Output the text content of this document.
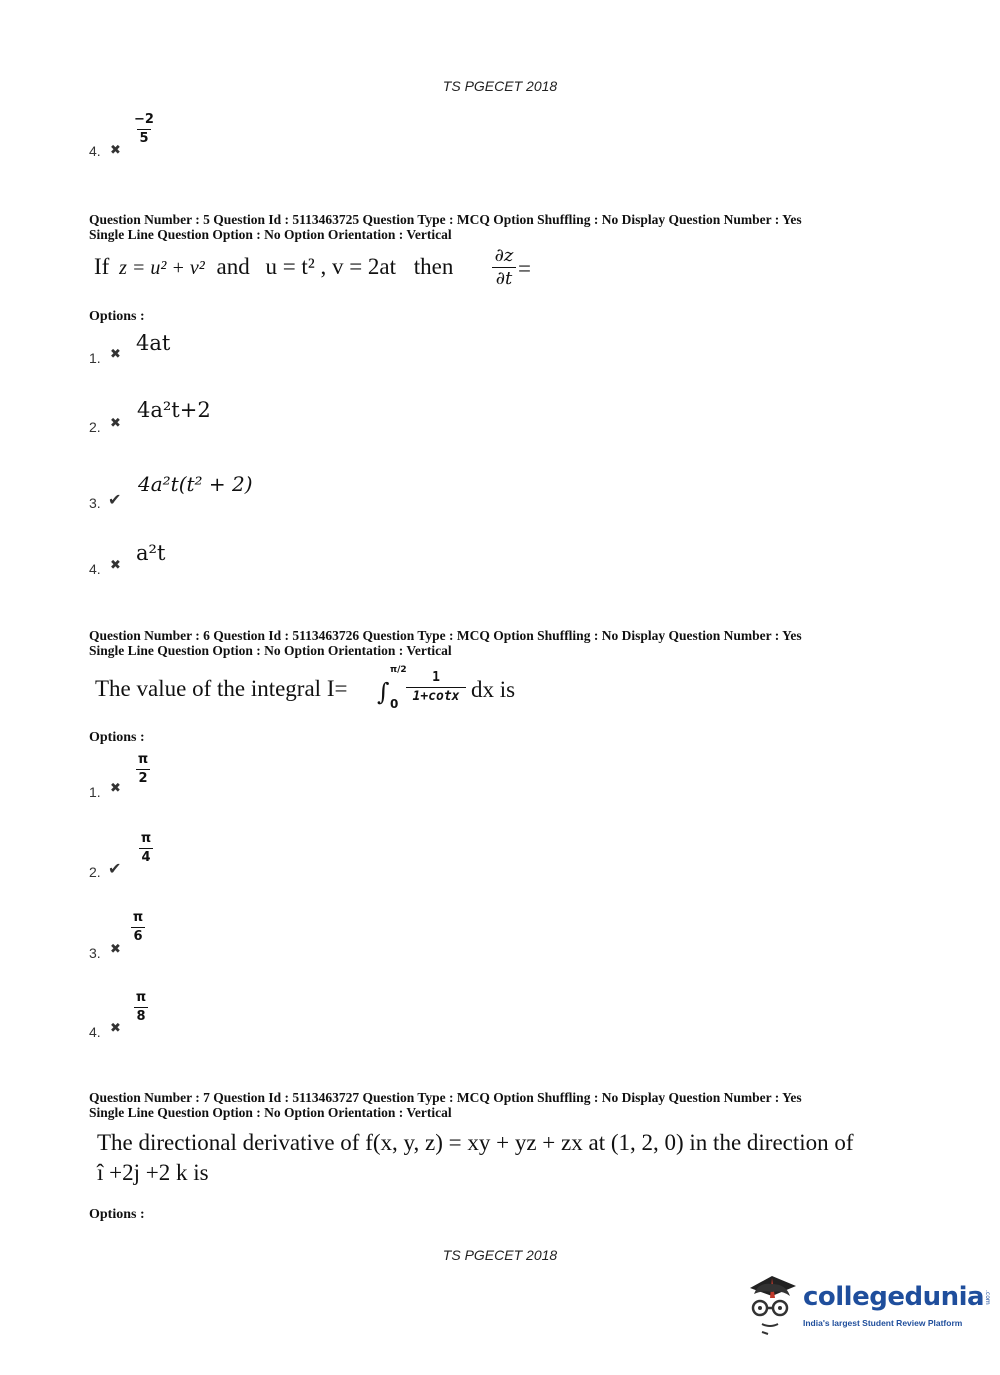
TS PGECET 2018
4. ✖
$\frac{-2}{5}$
Question Number : 5 Question Id : 5113463725 Question Type : MCQ Option Shuffling : No Display Question Number : Yes
Single Line Question Option : No Option Orientation : Vertical
If z = u² + v² and u = t² , v = 2at then ∂z
∂t =
Options :
1. ✖ 4at
2. ✖
4a²t+2
3. ✔
4a²t(t² + 2)
4. ✖
a²t
Question Number : 6 Question Id : 5113463726 Question Type : MCQ Option Shuffling : No Display Question Number : Yes
Single Line Question Option : No Option Orientation : Vertical
The value of the integral I= ∫
π/2
0
1
1+cotx dx is
Options :
1. ✖
$\frac{\pi}{2}$
2. ✔
$\frac{\pi}{4}$
3. ✖
$\frac{\pi}{6}$
4. ✖
$\frac{\pi}{8}$
Question Number : 7 Question Id : 5113463727 Question Type : MCQ Option Shuffling : No Display Question Number : Yes
Single Line Question Option : No Option Orientation : Vertical
The directional derivative of f(x, y, z) = xy + yz + zx at (1, 2, 0) in the direction of
î +2j +2 k is
Options :
TS PGECET 2018
collegedunia.com
India's largest Student Review Platform
